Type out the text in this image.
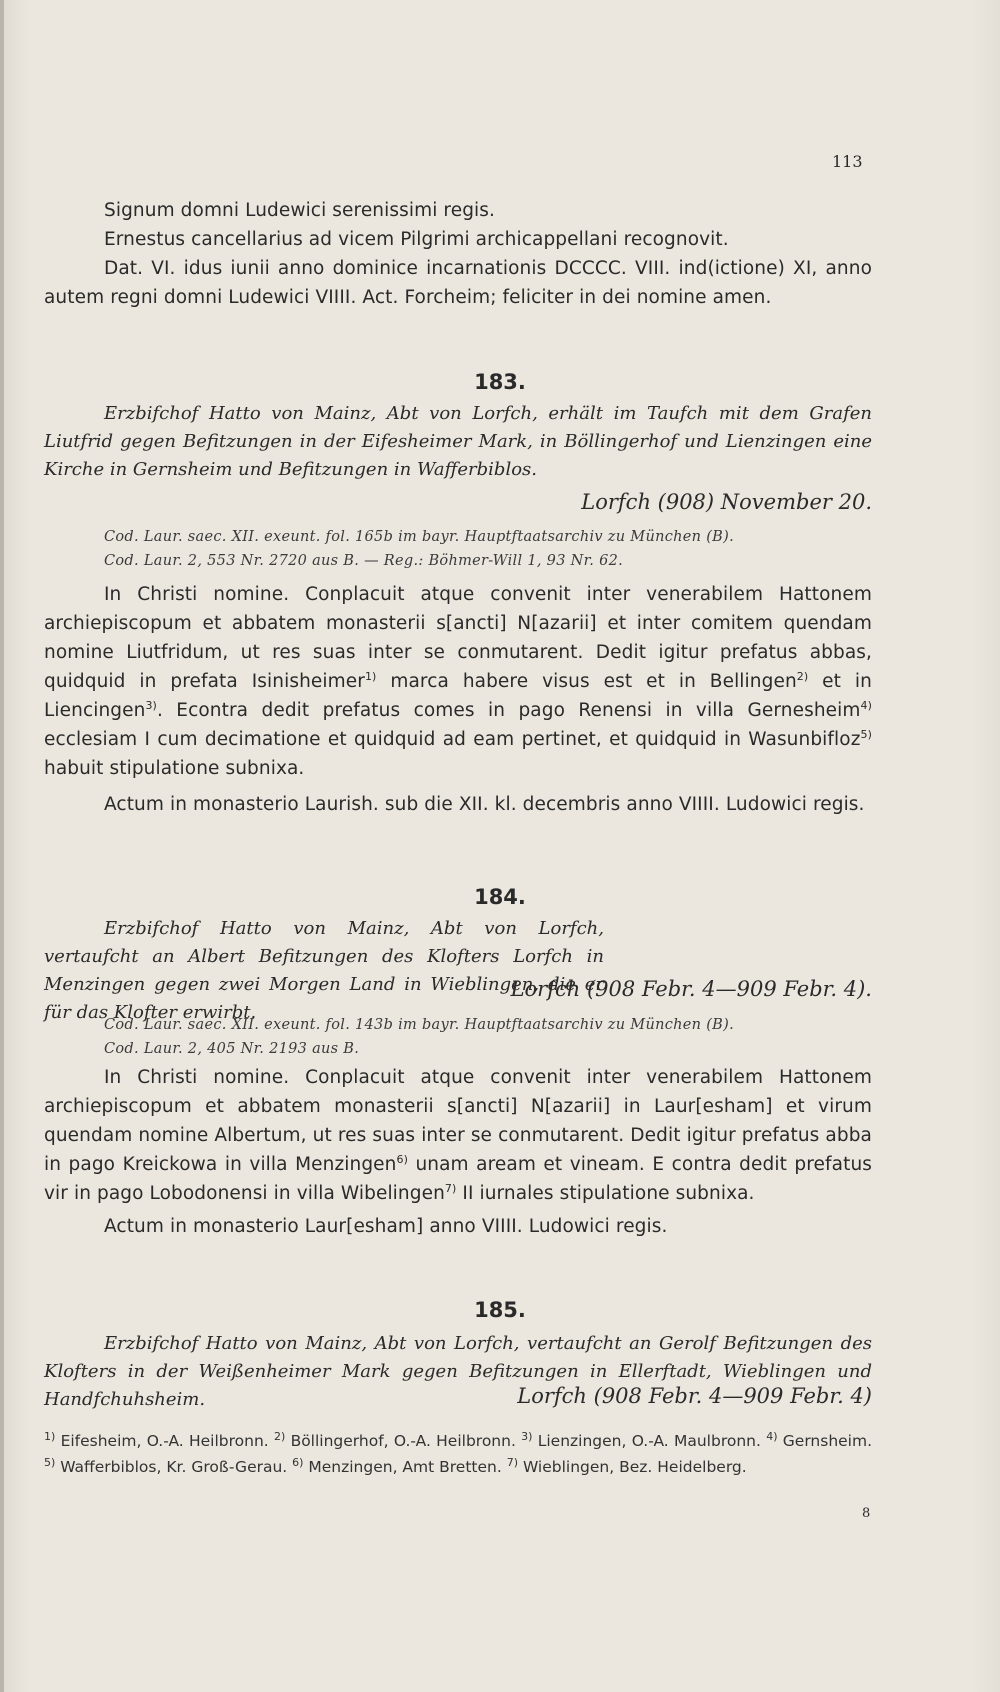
113

Signum domni Ludewici serenissimi regis.

Ernestus cancellarius ad vicem Pilgrimi archicappellani recognovit.

Dat. VI. idus iunii anno dominice incarnationis DCCCC. VIII. ind(ictione) XI, anno autem regni domni Ludewici VIIII. Act. Forcheim; feliciter in dei nomine amen.

183.
Erzbifchof Hatto von Mainz, Abt von Lorfch, erhält im Taufch mit dem Grafen Liutfrid gegen Befitzungen in der Eifesheimer Mark, in Böllingerhof und Lienzingen eine Kirche in Gernsheim und Befitzungen in Wafferbiblos.
Lorfch (908) November 20.
Cod. Laur. saec. XII. exeunt. fol. 165b im bayr. Hauptftaatsarchiv zu München (B).
Cod. Laur. 2, 553 Nr. 2720 aus B. — Reg.: Böhmer-Will 1, 93 Nr. 62.

In Christi nomine. Conplacuit atque convenit inter venerabilem Hattonem archiepiscopum et abbatem monasterii s[ancti] N[azarii] et inter comitem quendam nomine Liutfridum, ut res suas inter se conmutarent. Dedit igitur prefatus abbas, quidquid in prefata Isinisheimer$^{1)}$ marca habere visus est et in Bellingen$^{2)}$ et in Liencingen$^{3)}$. Econtra dedit prefatus comes in pago Renensi in villa Gernesheim$^{4)}$ ecclesiam I cum decimatione et quidquid ad eam pertinet, et quidquid in Wasunbifloz$^{5)}$ habuit stipulatione subnixa.

Actum in monasterio Laurish. sub die XII. kl. decembris anno VIIII. Ludowici regis.

184.
Erzbifchof Hatto von Mainz, Abt von Lorfch, vertaufcht an Albert Befitzungen des Klofters Lorfch in Menzingen gegen zwei Morgen Land in Wieblingen, die er für das Klofter erwirbt.
Lorfch (908 Febr. 4—909 Febr. 4).
Cod. Laur. saec. XII. exeunt. fol. 143b im bayr. Hauptftaatsarchiv zu München (B).
Cod. Laur. 2, 405 Nr. 2193 aus B.

In Christi nomine. Conplacuit atque convenit inter venerabilem Hattonem archiepiscopum et abbatem monasterii s[ancti] N[azarii] in Laur[esham] et virum quendam nomine Albertum, ut res suas inter se conmutarent. Dedit igitur prefatus abba in pago Kreickowa in villa Menzingen$^{6)}$ unam aream et vineam. E contra dedit prefatus vir in pago Lobodonensi in villa Wibelingen$^{7)}$ II iurnales stipulatione subnixa.

Actum in monasterio Laur[esham] anno VIIII. Ludowici regis.

185.
Erzbifchof Hatto von Mainz, Abt von Lorfch, vertaufcht an Gerolf Befitzungen des Klofters in der Weißenheimer Mark gegen Befitzungen in Ellerftadt, Wieblingen und Handfchuhsheim.	Lorfch (908 Febr. 4—909 Febr. 4)
$^{1)}$ Eifesheim, O.-A. Heilbronn. $^{2)}$ Böllingerhof, O.-A. Heilbronn. $^{3)}$ Lienzingen, O.-A. Maulbronn. $^{4)}$ Gernsheim. $^{5)}$ Wafferbiblos, Kr. Groß-Gerau. $^{6)}$ Menzingen, Amt Bretten. $^{7)}$ Wieblingen, Bez. Heidelberg.
8
